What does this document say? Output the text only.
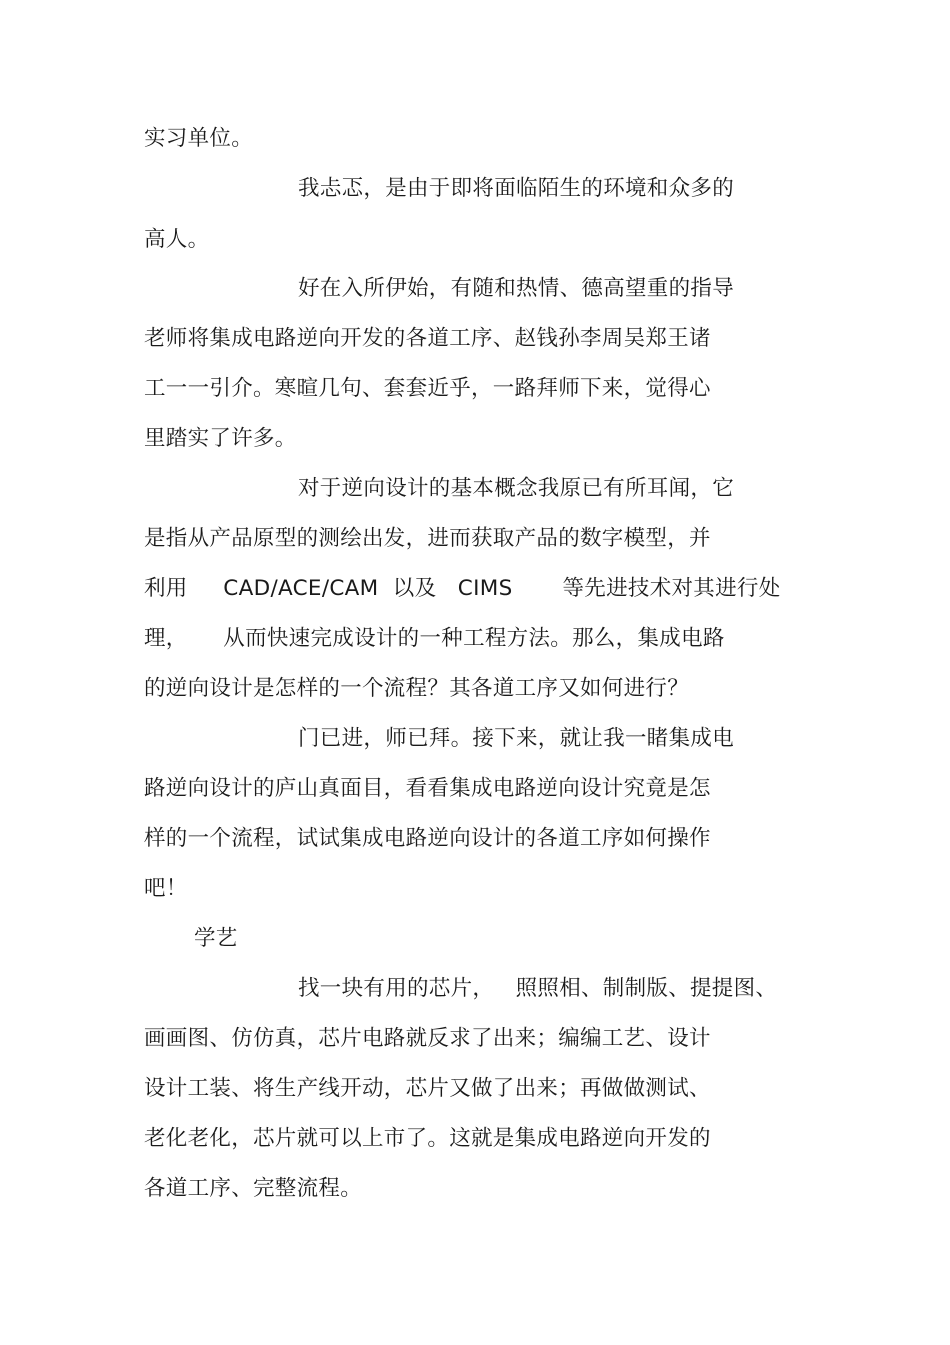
实习单位。
我忐忑，是由于即将面临陌生的环境和众多的
高人。
好在入所伊始，有随和热情、德高望重的指导
老师将集成电路逆向开发的各道工序、赵钱孙李周吴郑王诸
工一一引介。寒暄几句、套套近乎，一路拜师下来，觉得心
里踏实了许多。
对于逆向设计的基本概念我原已有所耳闻，它
是指从产品原型的测绘出发，进而获取产品的数字模型，并
利用     CAD/ACE/CAM  以及   CIMS       等先进技术对其进行处
理，     从而快速完成设计的一种工程方法。那么，集成电路
的逆向设计是怎样的一个流程？其各道工序又如何进行？
门已进，师已拜。接下来，就让我一睹集成电
路逆向设计的庐山真面目，看看集成电路逆向设计究竟是怎
样的一个流程，试试集成电路逆向设计的各道工序如何操作
吧！
学艺
找一块有用的芯片，   照照相、制制版、提提图、
画画图、仿仿真，芯片电路就反求了出来；编编工艺、设计
设计工装、将生产线开动，芯片又做了出来；再做做测试、
老化老化，芯片就可以上市了。这就是集成电路逆向开发的
各道工序、完整流程。
